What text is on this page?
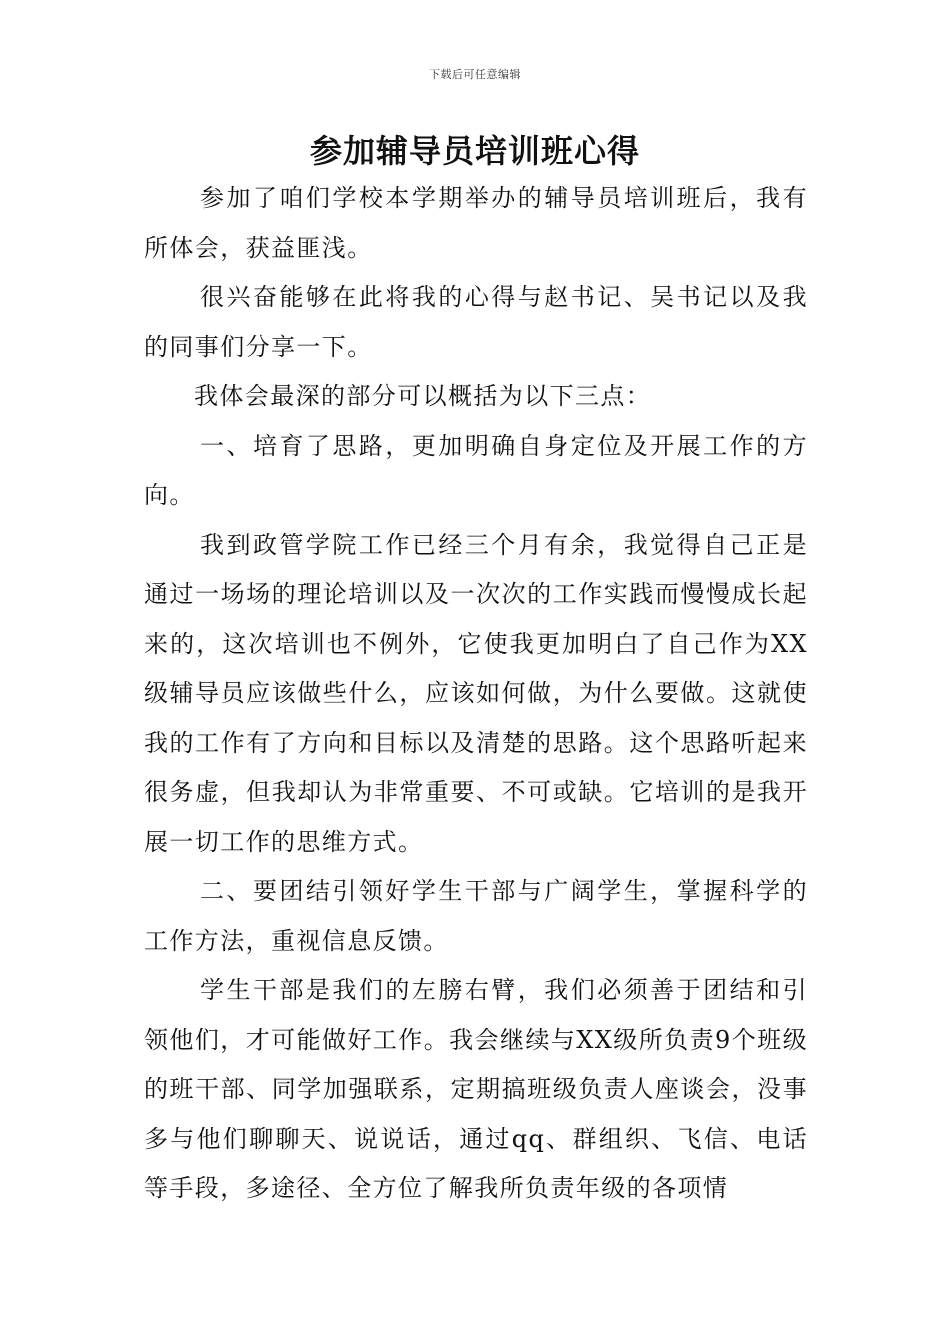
下载后可任意编辑
参加辅导员培训班心得

参加了咱们学校本学期举办的辅导员培训班后，我有所体会，获益匪浅。

很兴奋能够在此将我的心得与赵书记、吴书记以及我的同事们分享一下。

我体会最深的部分可以概括为以下三点：

一、培育了思路，更加明确自身定位及开展工作的方向。

我到政管学院工作已经三个月有余，我觉得自己正是通过一场场的理论培训以及一次次的工作实践而慢慢成长起来的，这次培训也不例外，它使我更加明白了自己作为XX级辅导员应该做些什么，应该如何做，为什么要做。这就使我的工作有了方向和目标以及清楚的思路。这个思路听起来很务虚，但我却认为非常重要、不可或缺。它培训的是我开展一切工作的思维方式。

二、要团结引领好学生干部与广阔学生，掌握科学的工作方法，重视信息反馈。

学生干部是我们的左膀右臂，我们必须善于团结和引领他们，才可能做好工作。我会继续与XX级所负责9个班级的班干部、同学加强联系，定期搞班级负责人座谈会，没事多与他们聊聊天、说说话，通过qq、群组织、飞信、电话等手段，多途径、全方位了解我所负责年级的各项情
